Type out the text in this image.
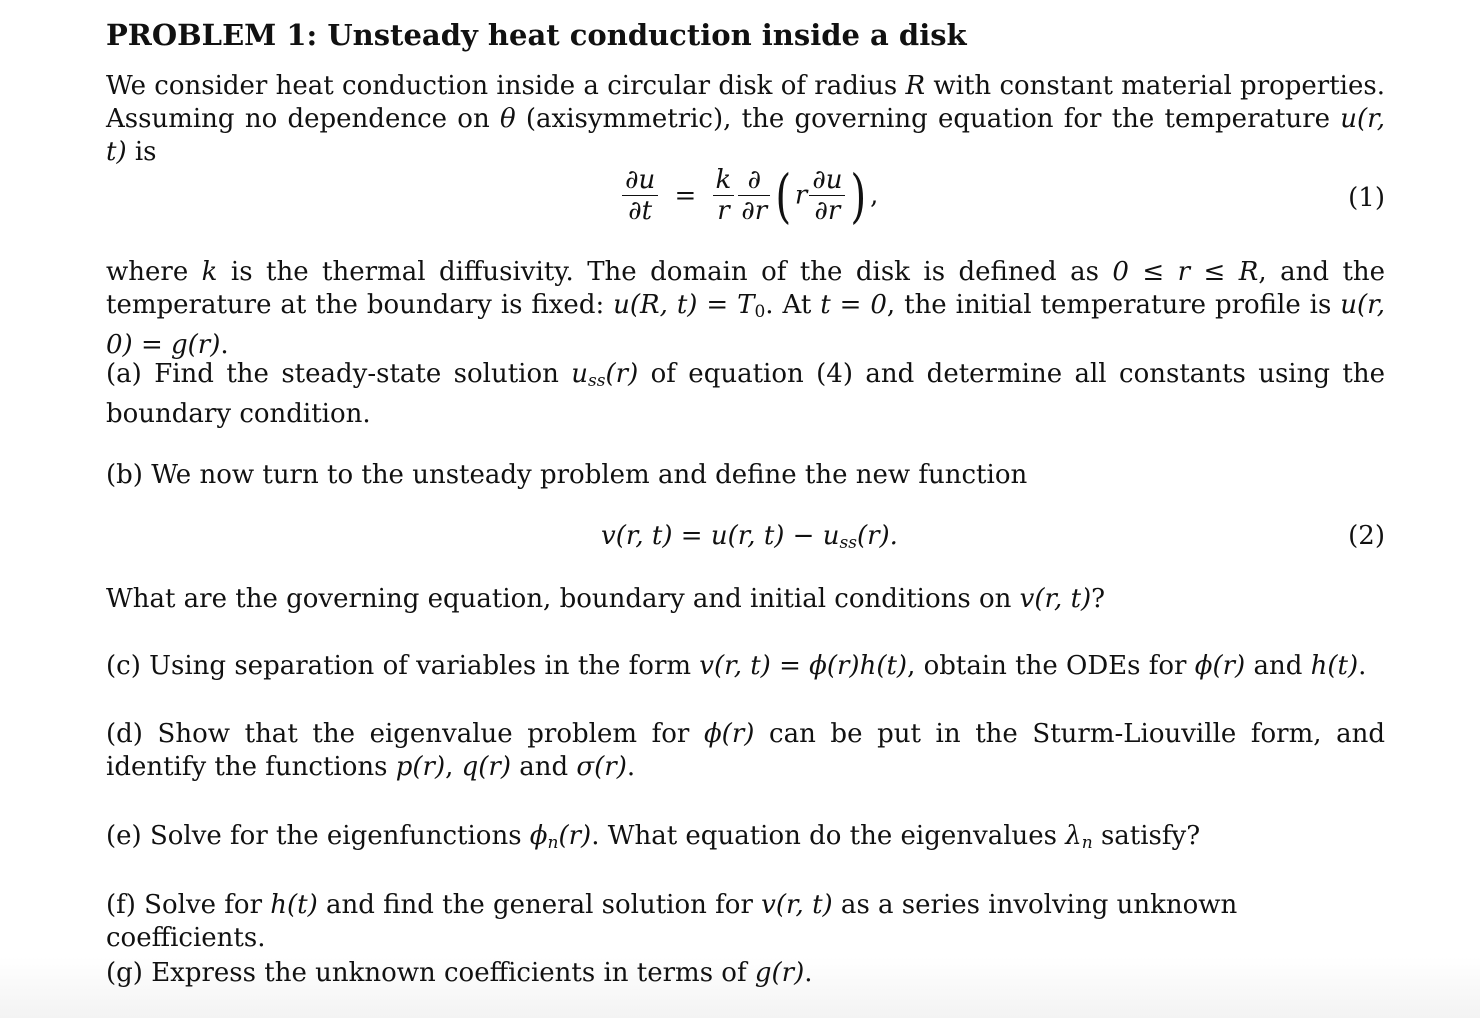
PROBLEM 1: Unsteady heat conduction inside a disk
We consider heat conduction inside a circular disk of radius R with constant material properties. Assuming no dependence on θ (axisymmetric), the governing equation for the temperature u(r, t) is
$\frac{\partial u}{\partial t} = \frac{k}{r} \frac{\partial}{\partial r}$ ( r $\frac{\partial u}{\partial r}$ ) ,	(1)
where k is the thermal diffusivity. The domain of the disk is defined as 0 ≤ r ≤ R, and the temperature at the boundary is fixed: u(R, t) = T0. At t = 0, the initial temperature profile is u(r, 0) = g(r).
(a) Find the steady-state solution $u_{ss}(r)$ of equation (4) and determine all constants using the boundary condition.
(b) We now turn to the unsteady problem and define the new function
v(r, t) = u(r, $t) - u_{ss}(r)$.	(2)
What are the governing equation, boundary and initial conditions on v(r, t)?
(c) Using separation of variables in the form v(r, t) = ϕ(r)h(t), obtain the ODEs for ϕ(r) and h(t).
(d) Show that the eigenvalue problem for ϕ(r) can be put in the Sturm-Liouville form, and identify the functions p(r), q(r) and σ(r).
(e) Solve for the eigenfunctions $\phi_n(r)$. What equation do the eigenvalues $\lambda_n$ satisfy?
(f) Solve for h(t) and find the general solution for v(r, t) as a series involving unknown coefficients.
(g) Express the unknown coefficients in terms of g(r).
